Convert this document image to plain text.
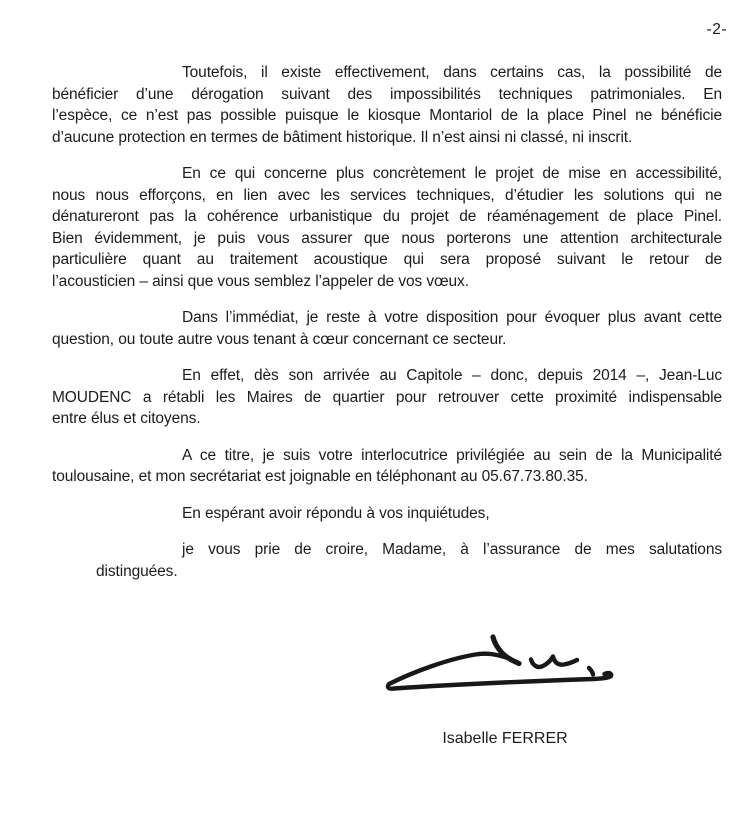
-2-
Toutefois, il existe effectivement, dans certains cas, la possibilité de
bénéficier d’une dérogation suivant des impossibilités techniques patrimoniales. En
l’espèce, ce n’est pas possible puisque le kiosque Montariol de la place Pinel ne bénéficie
d’aucune protection en termes de bâtiment historique. Il n’est ainsi ni classé, ni inscrit.
En ce qui concerne plus concrètement le projet de mise en accessibilité,
nous nous efforçons, en lien avec les services techniques, d’étudier les solutions qui ne
dénatureront pas la cohérence urbanistique du projet de réaménagement de place Pinel.
Bien évidemment, je puis vous assurer que nous porterons une attention architecturale
particulière quant au traitement acoustique qui sera proposé suivant le retour de
l’acousticien – ainsi que vous semblez l’appeler de vos vœux.
Dans l’immédiat, je reste à votre disposition pour évoquer plus avant cette
question, ou toute autre vous tenant à cœur concernant ce secteur.
En effet, dès son arrivée au Capitole – donc, depuis 2014 –, Jean-Luc
MOUDENC a rétabli les Maires de quartier pour retrouver cette proximité indispensable
entre élus et citoyens.
A ce titre, je suis votre interlocutrice privilégiée au sein de la Municipalité
toulousaine, et mon secrétariat est joignable en téléphonant au 05.67.73.80.35.
En espérant avoir répondu à vos inquiétudes,
je vous prie de croire, Madame, à l’assurance de mes salutations
distinguées.
Isabelle FERRER
